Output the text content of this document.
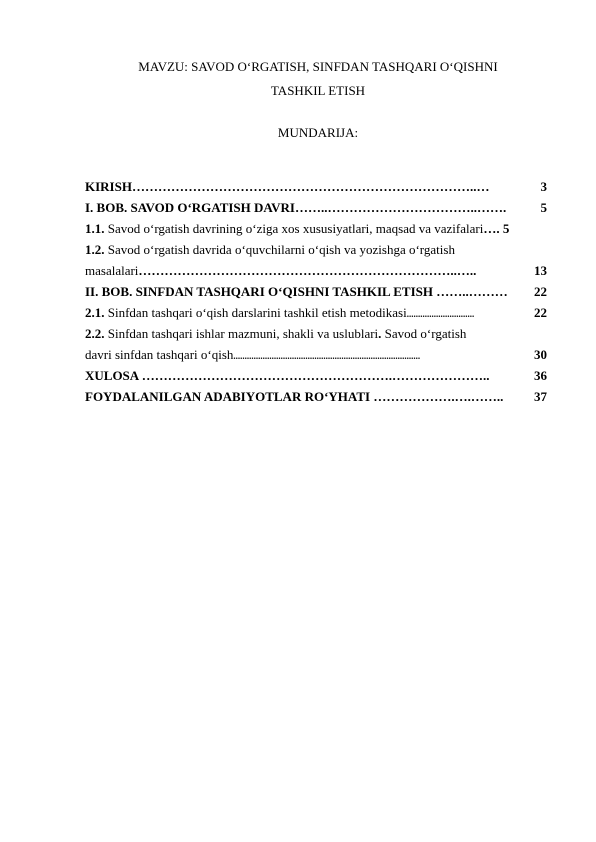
MAVZU: SAVOD O‘RGATISH, SINFDAN TASHQARI O‘QISHNI
TASHKIL ETISH
MUNDARIJA:
KIRISH……………………………………………………………………..…	3
I. BOB. SAVOD O‘RGATISH DAVRI……..……………………………..…….	5
1.1. Savod o‘rgatish davrining o‘ziga xos xususiyatlari, maqsad va vazifalari…. 5
1.2. Savod o‘rgatish davrida o‘quvchilarni o‘qish va yozishga o‘rgatish
masalalari………………………………………………………………..…..	13
II. BOB. SINFDAN TASHQARI O‘QISHNI TASHKIL ETISH ……..……… 22
2.1. Sinfdan tashqari o‘qish darslarini tashkil etish metodikasi..............................	22
2.2. Sinfdan tashqari ishlar mazmuni, shakli va uslublari. Savod o‘rgatish
davri sinfdan tashqari o‘qish...................................................................................	30
XULOSA ………………………………………………….…………………..	36
FOYDALANILGAN ADABIYOTLAR RO‘YHATI ……………….….…….. 37
